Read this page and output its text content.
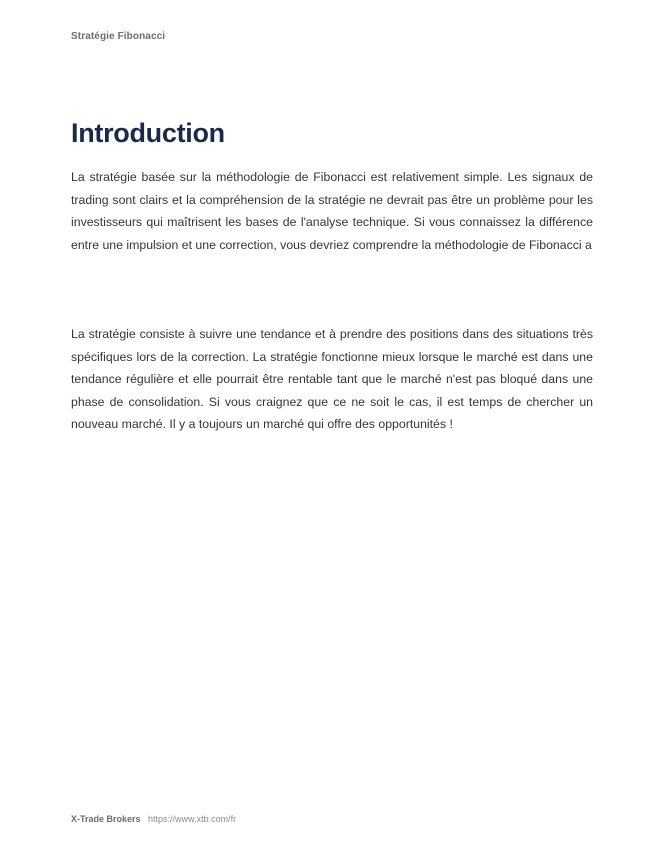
Stratégie Fibonacci
Introduction

La stratégie basée sur la méthodologie de Fibonacci est relativement simple. Les signaux de trading sont clairs et la compréhension de la stratégie ne devrait pas être un problème pour les investisseurs qui maîtrisent les bases de l'analyse technique. Si vous connaissez la différence entre une impulsion et une correction, vous devriez comprendre la méthodologie de Fibonacci a

La stratégie consiste à suivre une tendance et à prendre des positions dans des situations très spécifiques lors de la correction. La stratégie fonctionne mieux lorsque le marché est dans une tendance régulière et elle pourrait être rentable tant que le marché n'est pas bloqué dans une phase de consolidation. Si vous craignez que ce ne soit le cas, il est temps de chercher un nouveau marché. Il y a toujours un marché qui offre des opportunités !

X-Trade Brokers https://www.xtb.com/fr
